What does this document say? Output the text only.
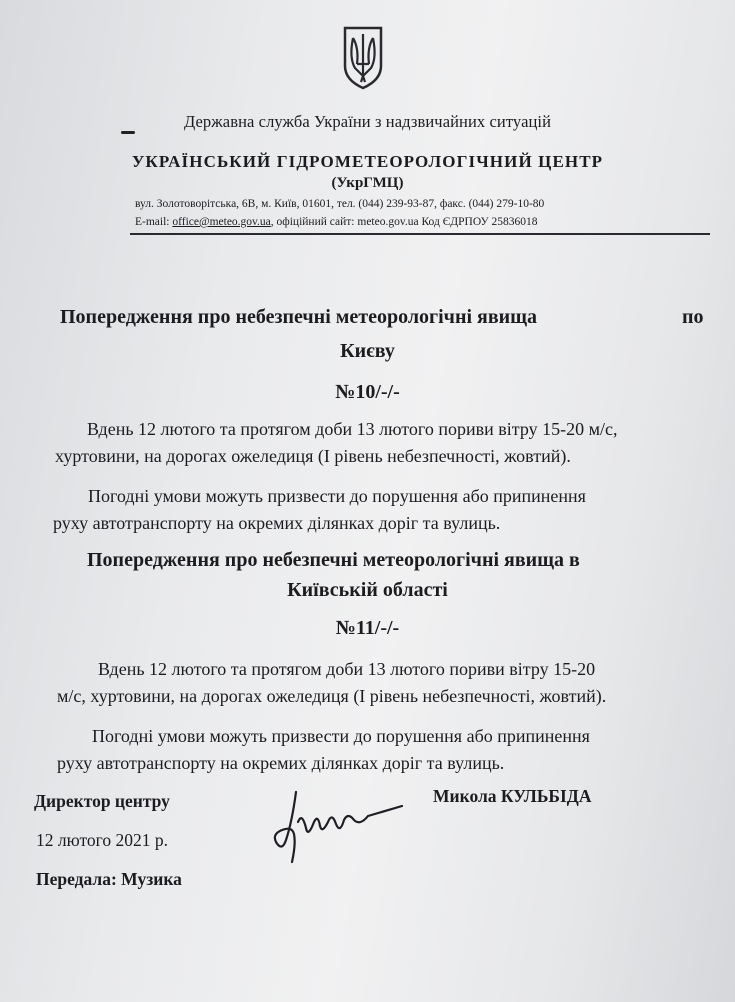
Державна служба України з надзвичайних ситуацій
УКРАЇНСЬКИЙ ГІДРОМЕТЕОРОЛОГІЧНИЙ ЦЕНТР
(УкрГМЦ)
вул. Золотоворітська, 6В, м. Київ, 01601, тел. (044) 239-93-87, факс. (044) 279-10-80
E-mail: office@meteo.gov.ua, офіційний сайт: meteo.gov.ua Код ЄДРПОУ 25836018
Попередження про небезпечні метеорологічні явища	по
Києву
№10/-/-
Вдень 12 лютого та протягом доби 13 лютого пориви вітру 15-20 м/с,
хуртовини, на дорогах ожеледиця (І рівень небезпечності, жовтий).
Погодні умови можуть призвести до порушення або припинення
руху автотранспорту на окремих ділянках доріг та вулиць.
Попередження про небезпечні метеорологічні явища в
Київській області
№11/-/-
Вдень 12 лютого та протягом доби 13 лютого пориви вітру 15-20
м/с, хуртовини, на дорогах ожеледиця (І рівень небезпечності, жовтий).
Погодні умови можуть призвести до порушення або припинення
руху автотранспорту на окремих ділянках доріг та вулиць.
Директор центру	Микола КУЛЬБІДА
12 лютого 2021 р.
Передала: Музика
